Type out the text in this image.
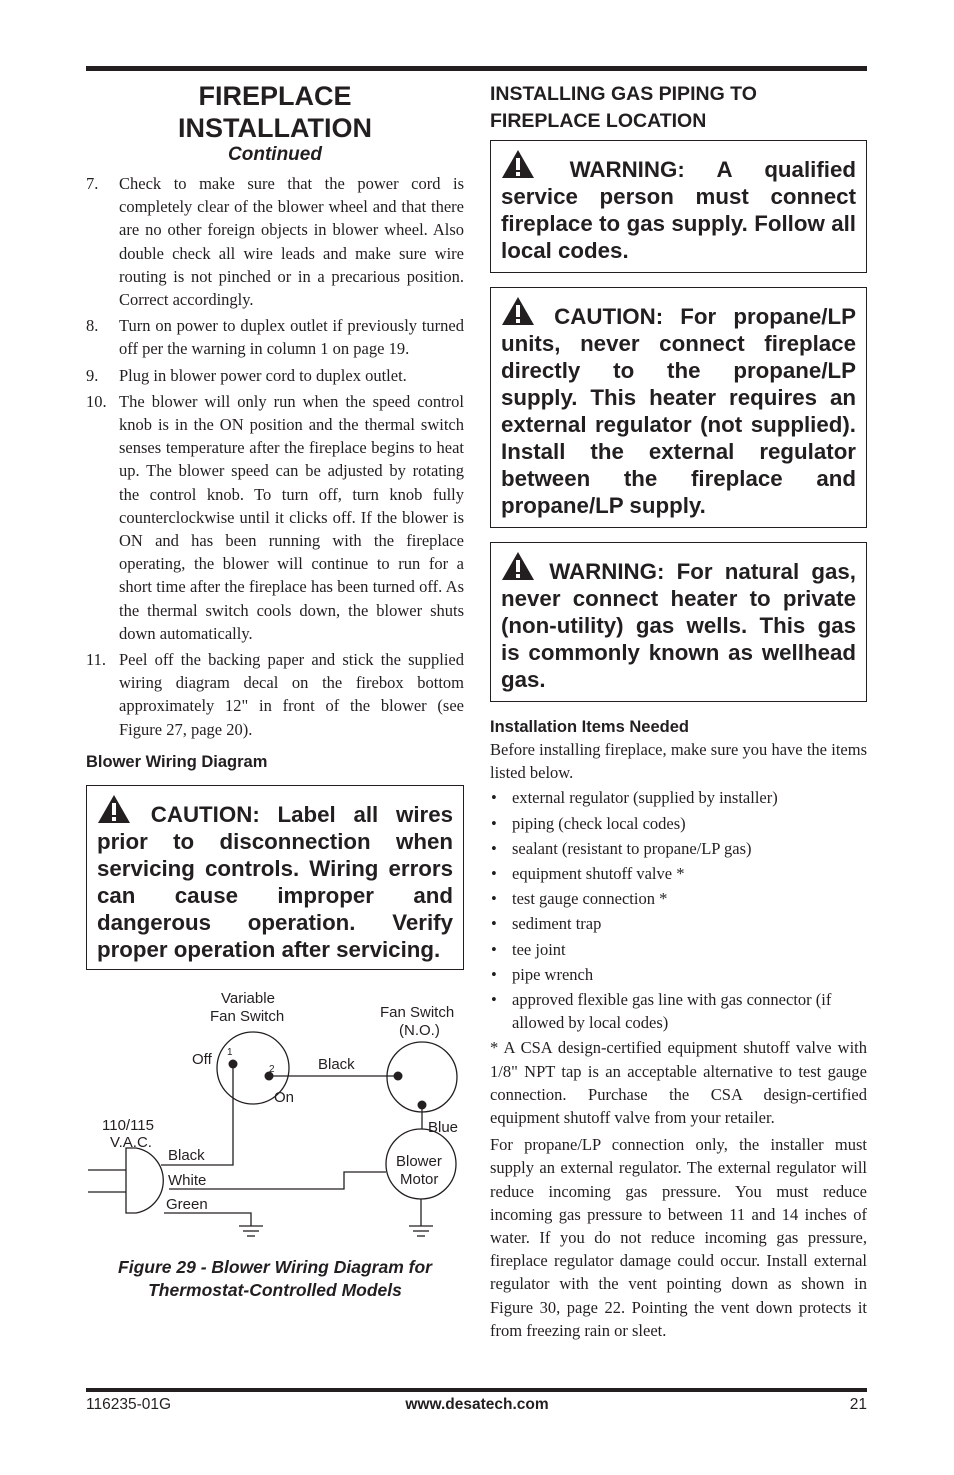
FIREPLACE
INSTALLATION

Continued

7. Check to make sure that the power cord is completely clear of the blower wheel and that there are no other foreign objects in blower wheel. Also double check all wire leads and make sure wire routing is not pinched or in a precarious position. Correct accordingly.
8. Turn on power to duplex outlet if previously turned off per the warning in column 1 on page 19.
9. Plug in blower power cord to duplex outlet.
10. The blower will only run when the speed control knob is in the ON position and the thermal switch senses temperature after the fireplace begins to heat up. The blower speed can be adjusted by rotating the control knob. To turn off, turn knob fully counterclockwise until it clicks off. If the blower is ON and has been running with the fireplace operating, the blower will continue to run for a short time after the fireplace has been turned off. As the thermal switch cools down, the blower shuts down automatically.
11. Peel off the backing paper and stick the supplied wiring diagram decal on the firebox bottom approximately 12" in front of the blower (see Figure 27, page 20).

Blower Wiring Diagram

CAUTION: Label all wires prior to disconnection when servicing controls. Wiring errors can cause improper and dangerous operation. Verify proper operation after servicing.
Variable
Fan Switch	Fan Switch
(N.O.)
Off 1
2	Black
On
Blue
110/115
V.A.C.
Black
White
Green
Blower
Motor
Figure 29 - Blower Wiring Diagram for
Thermostat-Controlled Models

INSTALLING GAS PIPING TO
FIREPLACE LOCATION

WARNING: A qualified service person must connect fireplace to gas supply. Follow all local codes.
CAUTION: For propane/LP units, never connect fireplace directly to the propane/LP supply. This heater requires an external regulator (not supplied). Install the external regulator between the fireplace and propane/LP supply.
WARNING: For natural gas, never connect heater to private (non-utility) gas wells. This gas is commonly known as wellhead gas.

Installation Items Needed

Before installing fireplace, make sure you have the items listed below.

• external regulator (supplied by installer)
• piping (check local codes)
• sealant (resistant to propane/LP gas)
• equipment shutoff valve *
• test gauge connection *
• sediment trap
• tee joint
• pipe wrench
• approved flexible gas line with gas connector (if allowed by local codes)

* A CSA design-certified equipment shutoff valve with 1/8" NPT tap is an acceptable alternative to test gauge connection. Purchase the CSA design-certified equipment shutoff valve from your retailer.

For propane/LP connection only, the installer must supply an external regulator. The external regulator will reduce incoming gas pressure. You must reduce incoming gas pressure to between 11 and 14 inches of water. If you do not reduce incoming gas pressure, fireplace regulator damage could occur. Install external regulator with the vent pointing down as shown in Figure 30, page 22. Pointing the vent down protects it from freezing rain or sleet.

116235-01G	www.desatech.com	21
